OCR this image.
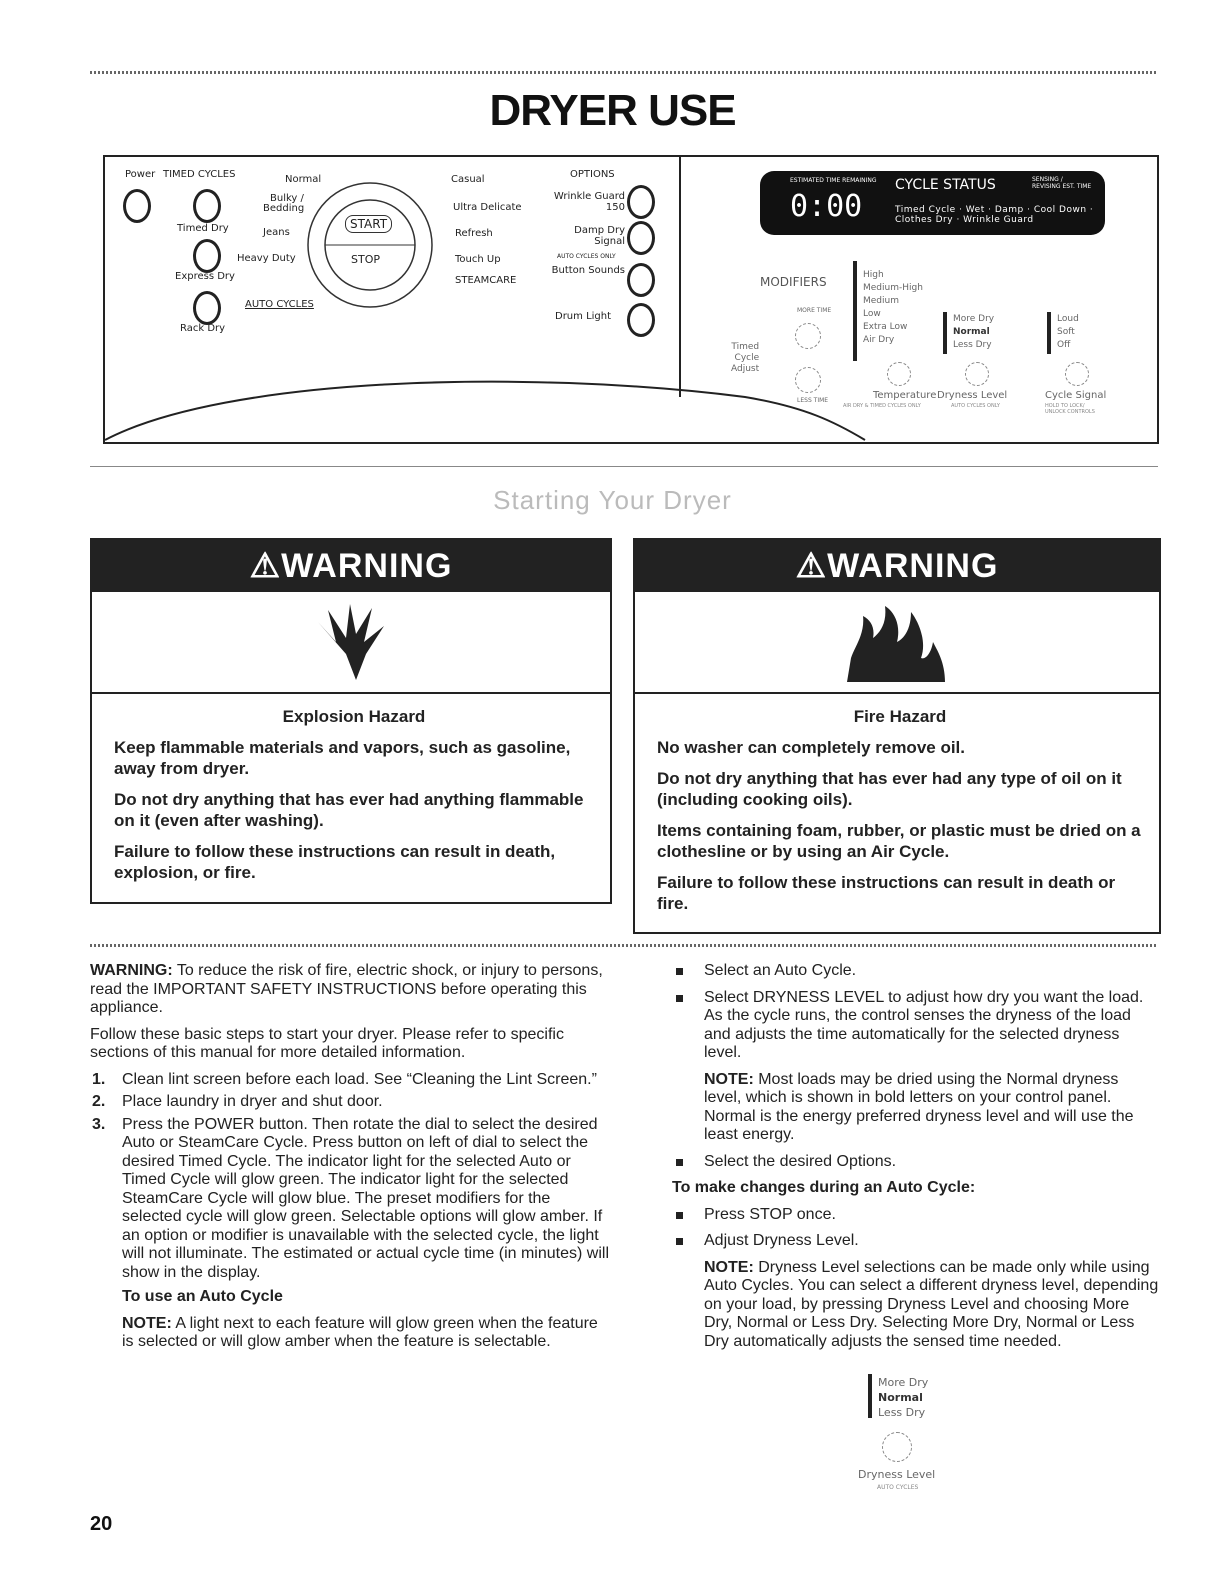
DRYER USE
Power TIMED CYCLES
Timed Dry
Express Dry
Rack Dry
Normal
Bulky /
Bedding
Jeans
Heavy Duty
AUTO CYCLES
Casual
Ultra Delicate
Refresh
Touch Up
STEAMCARE
START
STOP
OPTIONS
Wrinkle Guard 150
Damp Dry Signal
AUTO CYCLES ONLY
Button Sounds
Drum Light
ESTIMATED TIME REMAINING
0:00
CYCLE STATUS	SENSING / REVISING EST. TIME
Timed Cycle · Wet · Damp · Cool Down · Clothes Dry · Wrinkle Guard
MODIFIERS	High
Medium-High
Medium
Low
Extra Low
Air Dry
More Dry
Normal
Less Dry
Loud
Soft
Off
Timed
Cycle
Adjust
MORE TIME
LESS TIME	Temperature
AIR DRY & TIMED CYCLES ONLY
Dryness Level
AUTO CYCLES ONLY
Cycle Signal
HOLD TO LOCK/ UNLOCK CONTROLS
Starting Your Dryer
⚠ WARNING

Explosion Hazard

Keep flammable materials and vapors, such as gasoline, away from dryer.

Do not dry anything that has ever had anything flammable on it (even after washing).

Failure to follow these instructions can result in death, explosion, or fire.

⚠ WARNING

Fire Hazard

No washer can completely remove oil.

Do not dry anything that has ever had any type of oil on it (including cooking oils).

Items containing foam, rubber, or plastic must be dried on a clothesline or by using an Air Cycle.

Failure to follow these instructions can result in death or fire.

WARNING: To reduce the risk of fire, electric shock, or injury to persons, read the IMPORTANT SAFETY INSTRUCTIONS before operating this appliance.

Follow these basic steps to start your dryer. Please refer to specific sections of this manual for more detailed information.

1. Clean lint screen before each load. See “Cleaning the Lint Screen.”
2. Place laundry in dryer and shut door.
3. Press the POWER button. Then rotate the dial to select the desired Auto or SteamCare Cycle. Press button on left of dial to select the desired Timed Cycle. The indicator light for the selected Auto or Timed Cycle will glow green. The indicator light for the selected SteamCare Cycle will glow blue. The preset modifiers for the selected cycle will glow green. Selectable options will glow amber. If an option or modifier is unavailable with the selected cycle, the light will not illuminate. The estimated or actual cycle time (in minutes) will show in the display.

To use an Auto Cycle

NOTE: A light next to each feature will glow green when the feature is selected or will glow amber when the feature is selectable.

Select an Auto Cycle.
Select DRYNESS LEVEL to adjust how dry you want the load. As the cycle runs, the control senses the dryness of the load and adjusts the time automatically for the selected dryness level.

NOTE: Most loads may be dried using the Normal dryness level, which is shown in bold letters on your control panel. Normal is the energy preferred dryness level and will use the least energy.

Select the desired Options.

To make changes during an Auto Cycle:

Press STOP once.
Adjust Dryness Level.

NOTE: Dryness Level selections can be made only while using Auto Cycles. You can select a different dryness level, depending on your load, by pressing Dryness Level and choosing More Dry, Normal or Less Dry. Selecting More Dry, Normal or Less Dry automatically adjusts the sensed time needed.

More Dry
Normal
Less Dry
Dryness Level
AUTO CYCLES
20
